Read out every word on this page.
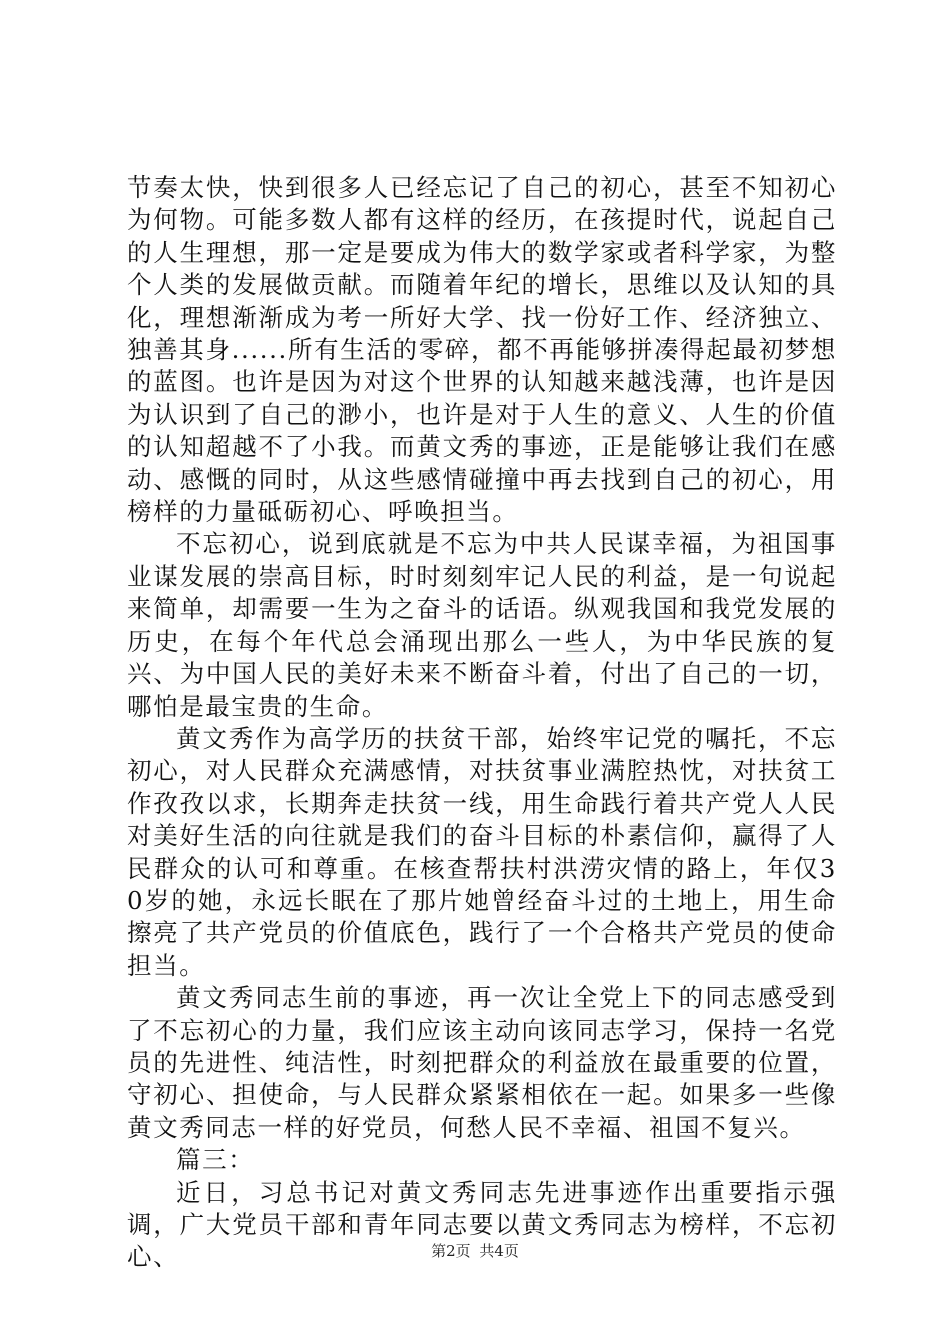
节奏太快，快到很多人已经忘记了自己的初心，甚至不知初心为何物。可能多数人都有这样的经历，在孩提时代，说起自己的人生理想，那一定是要成为伟大的数学家或者科学家，为整个人类的发展做贡献。而随着年纪的增长，思维以及认知的具化，理想渐渐成为考一所好大学、找一份好工作、经济独立、独善其身......所有生活的零碎，都不再能够拼凑得起最初梦想的蓝图。也许是因为对这个世界的认知越来越浅薄，也许是因为认识到了自己的渺小，也许是对于人生的意义、人生的价值的认知超越不了小我。而黄文秀的事迹，正是能够让我们在感动、感慨的同时，从这些感情碰撞中再去找到自己的初心，用榜样的力量砥砺初心、呼唤担当。

不忘初心，说到底就是不忘为中共人民谋幸福，为祖国事业谋发展的崇高目标，时时刻刻牢记人民的利益，是一句说起来简单，却需要一生为之奋斗的话语。纵观我国和我党发展的历史，在每个年代总会涌现出那么一些人，为中华民族的复兴、为中国人民的美好未来不断奋斗着，付出了自己的一切，哪怕是最宝贵的生命。

黄文秀作为高学历的扶贫干部，始终牢记党的嘱托，不忘初心，对人民群众充满感情，对扶贫事业满腔热忱，对扶贫工作孜孜以求，长期奔走扶贫一线，用生命践行着共产党人人民对美好生活的向往就是我们的奋斗目标的朴素信仰，赢得了人民群众的认可和尊重。在核查帮扶村洪涝灾情的路上，年仅30岁的她，永远长眠在了那片她曾经奋斗过的土地上，用生命擦亮了共产党员的价值底色，践行了一个合格共产党员的使命担当。

黄文秀同志生前的事迹，再一次让全党上下的同志感受到了不忘初心的力量，我们应该主动向该同志学习，保持一名党员的先进性、纯洁性，时刻把群众的利益放在最重要的位置，守初心、担使命，与人民群众紧紧相依在一起。如果多一些像黄文秀同志一样的好党员，何愁人民不幸福、祖国不复兴。

篇三：

近日，习总书记对黄文秀同志先进事迹作出重要指示强调，广大党员干部和青年同志要以黄文秀同志为榜样，不忘初心、	第2页 共4页
